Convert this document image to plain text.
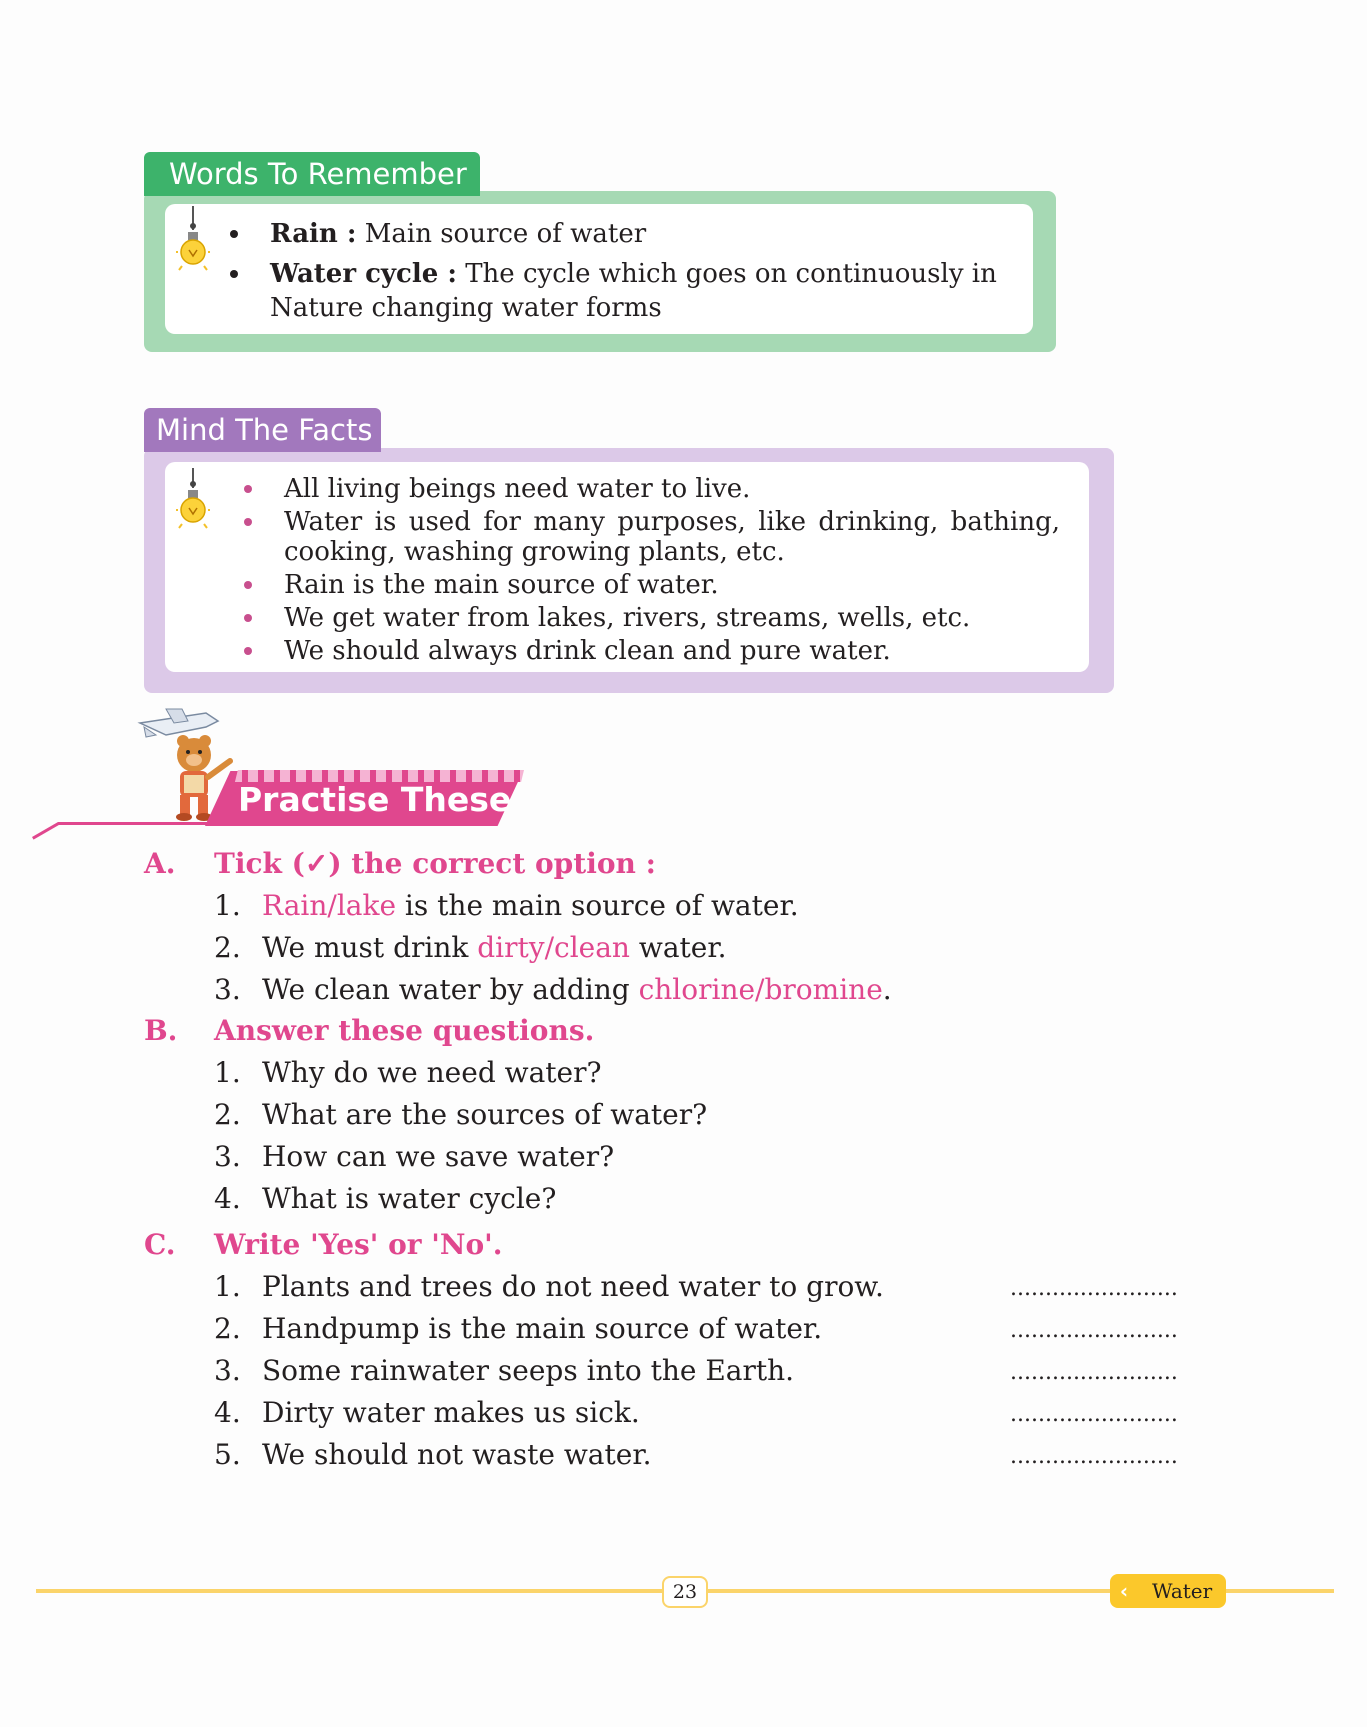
Words To Remember
Rain : Main source of water
Water cycle : The cycle which goes on continuously in Nature changing water forms
Mind The Facts
All living beings need water to live.
Water is used for many purposes, like drinking, bathing, cooking, washing growing plants, etc.
Rain is the main source of water.
We get water from lakes, rivers, streams, wells, etc.
We should always drink clean and pure water.
Practise These
A. Tick (✓) the correct option :
1. Rain/lake is the main source of water.
2. We must drink dirty/clean water.
3. We clean water by adding chlorine/bromine.
B. Answer these questions.
1. Why do we need water?
2. What are the sources of water?
3. How can we save water?
4. What is water cycle?
C. Write 'Yes' or 'No'.
1. Plants and trees do not need water to grow.	........................
2. Handpump is the main source of water.	........................
3. Some rainwater seeps into the Earth.	........................
4. Dirty water makes us sick.	........................
5. We should not waste water.	........................
23	‹ Water
